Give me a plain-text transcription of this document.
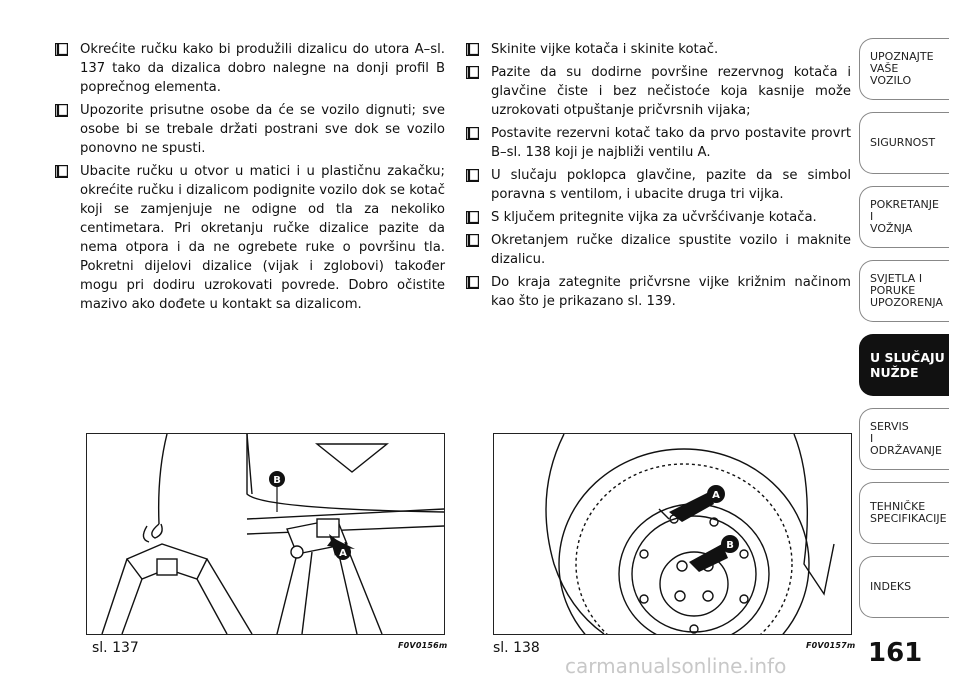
Okrećite ručku kako bi produžili dizalicu do utora A–sl. 137 tako da dizalica dobro nalegne na donji profil B poprečnog elementa.
Upozorite prisutne osobe da će se vozilo dignuti; sve osobe bi se trebale držati postrani sve dok se vozilo ponovno ne spusti.
Ubacite ručku u otvor u matici i u plastičnu zakačku; okrećite ručku i dizalicom podignite vozilo dok se kotač koji se zamjenjuje ne odigne od tla za nekoliko centimetara. Pri okretanju ručke dizalice pazite da nema otpora i da ne ogrebete ruke o površinu tla. Pokretni dijelovi dizalice (vijak i zglobovi) također mogu pri dodiru uzrokovati povrede. Dobro očistite mazivo ako dođete u kontakt sa dizalicom.
Skinite vijke kotača i skinite kotač.
Pazite da su dodirne površine rezervnog kotača i glavčine čiste i bez nečistoće koja kasnije može uzrokovati otpuštanje pričvrsnih vijaka;
Postavite rezervni kotač tako da prvo postavite provrt B–sl. 138 koji je najbliži ventilu A.
U slučaju poklopca glavčine, pazite da se simbol poravna s ventilom, i ubacite druga tri vijka.
S ključem pritegnite vijka za učvršćivanje kotača.
Okretanjem ručke dizalice spustite vozilo i maknite dizalicu.
Do kraja zategnite pričvrsne vijke križnim načinom kao što je prikazano sl. 139.
B
A
A
B
sl. 137	F0V0156m	sl. 138	F0V0157m 161
carmanualsonline.info
UPOZNAJTE
VAŠE
VOZILO
SIGURNOST
POKRETANJE
I
VOŽNJA
SVJETLA I
PORUKE
UPOZORENJA
U SLUČAJU
NUŽDE
SERVIS
I
ODRŽAVANJE
TEHNIČKE
SPECIFIKACIJE
INDEKS
